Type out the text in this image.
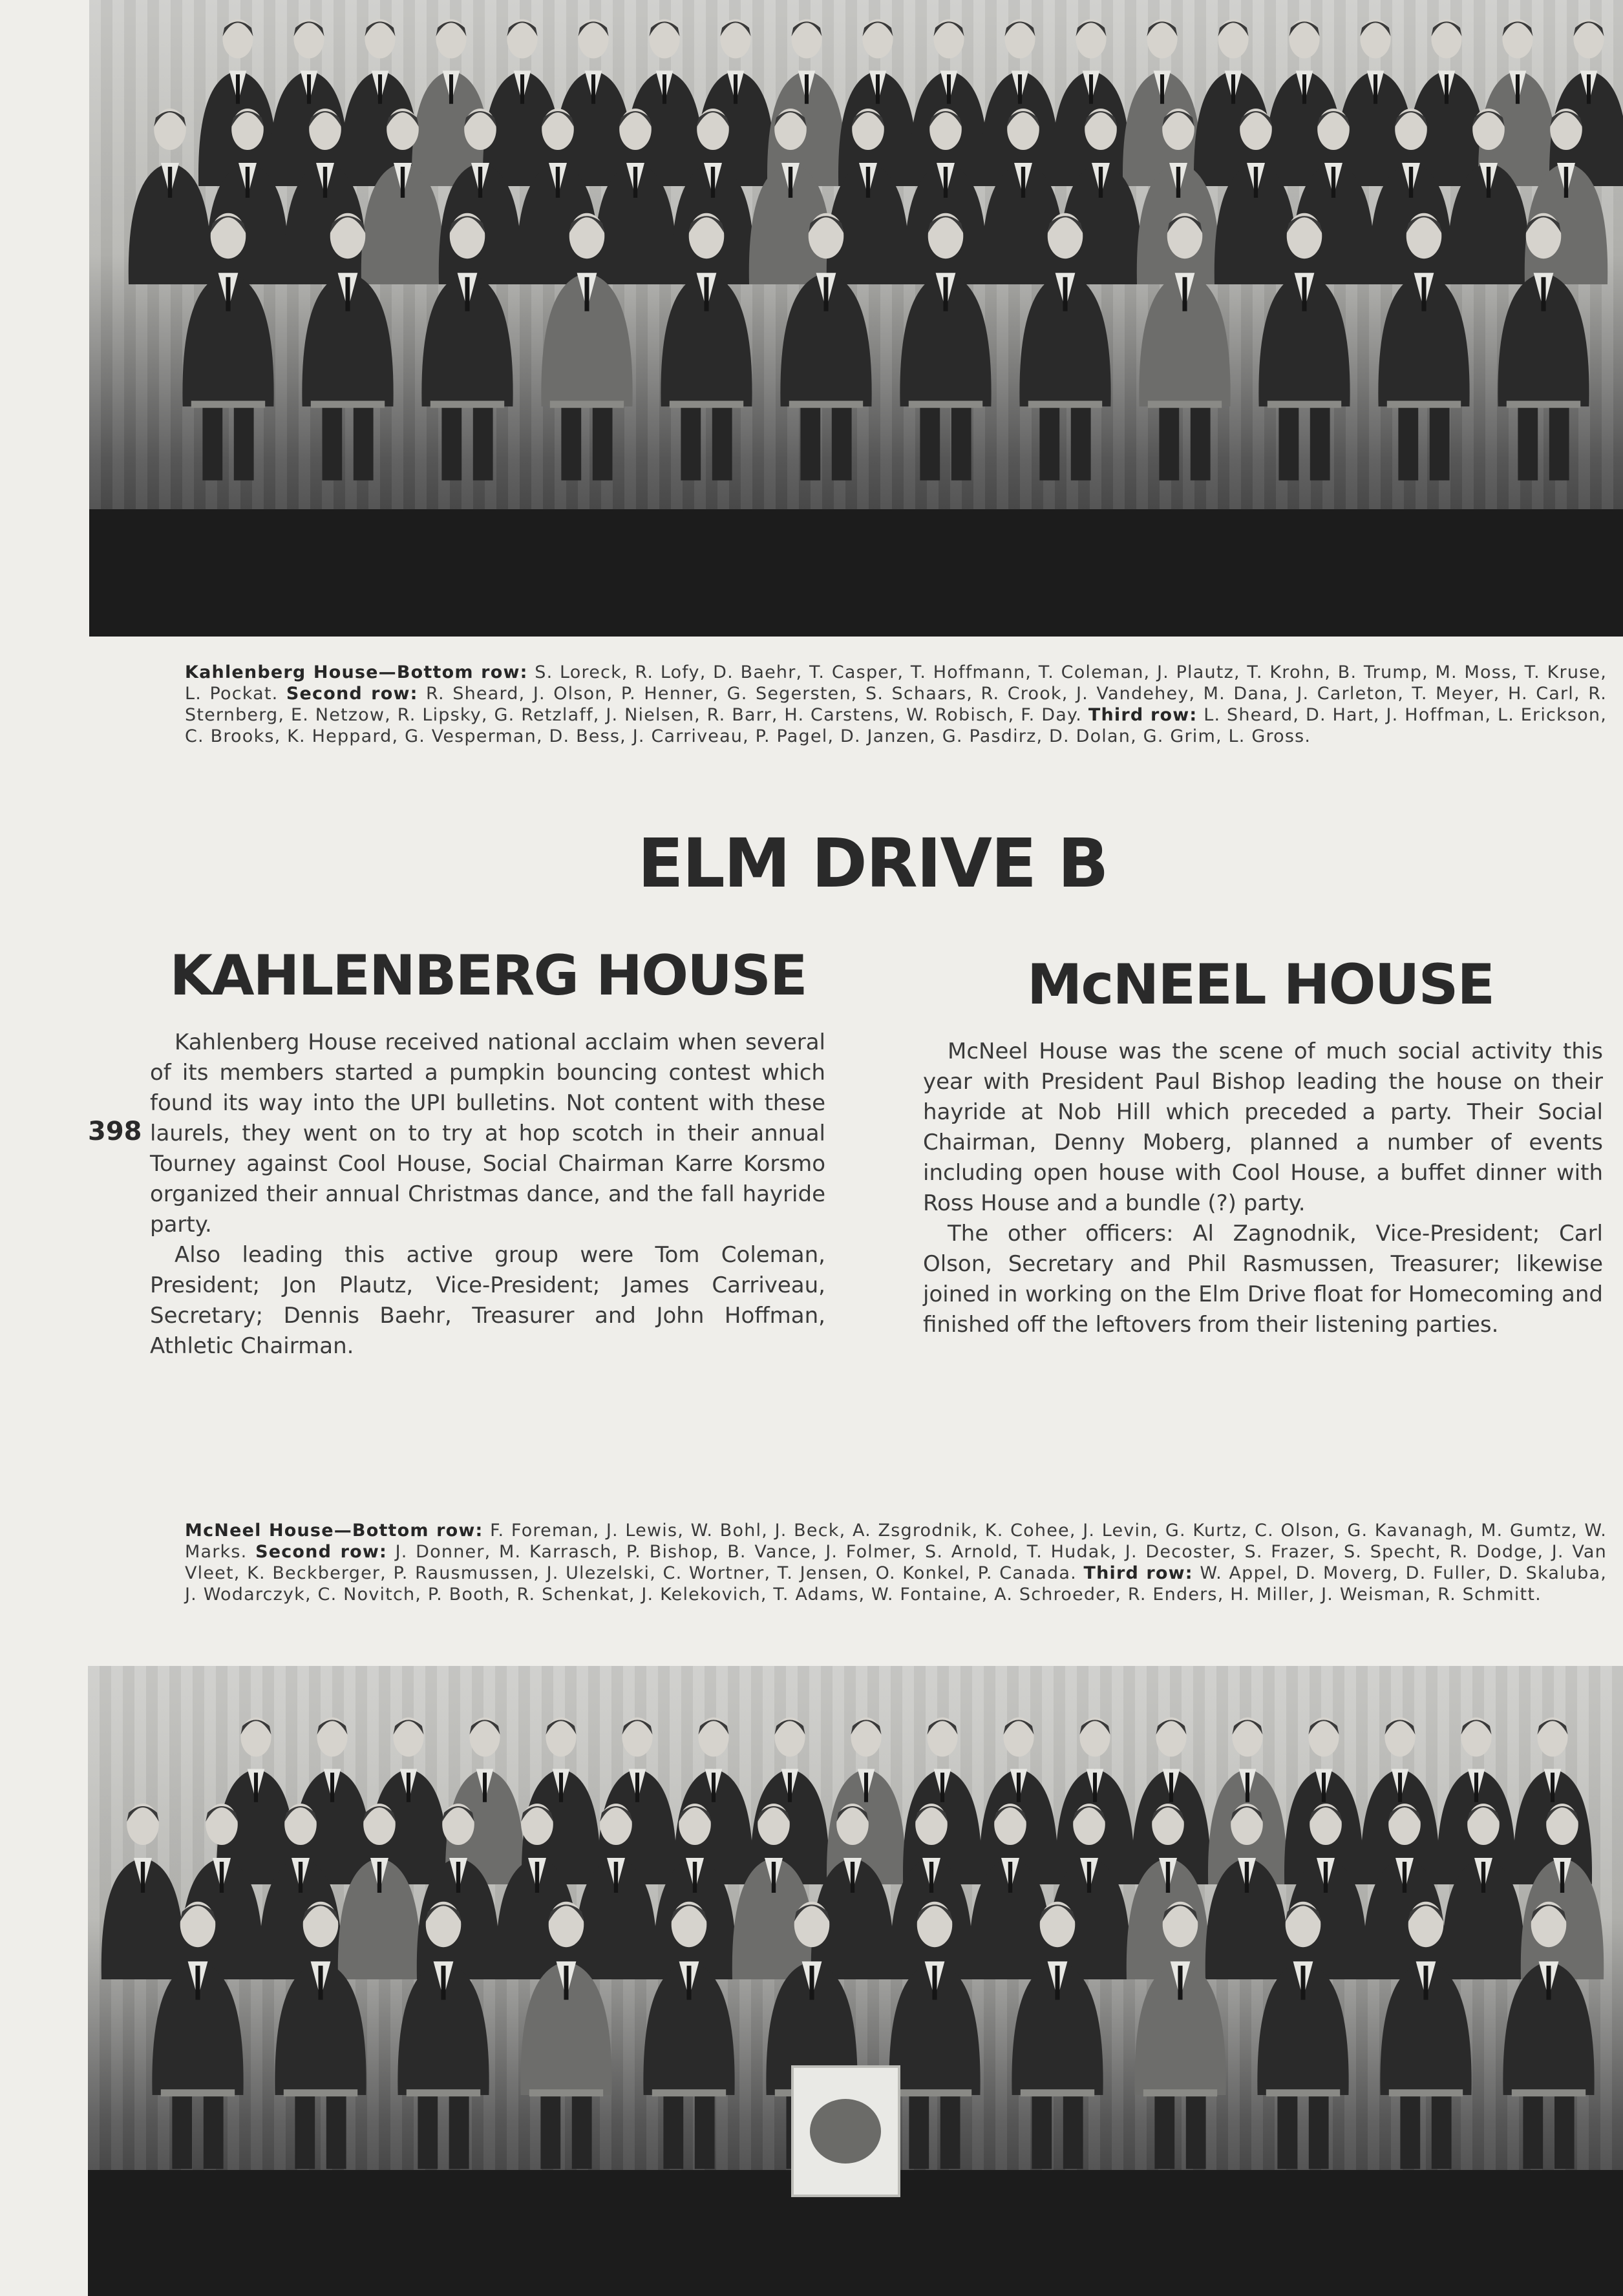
Kahlenberg House—Bottom row: S. Loreck, R. Lofy, D. Baehr, T. Casper, T. Hoffmann, T. Coleman, J. Plautz, T. Krohn, B. Trump, M. Moss, T. Kruse, L. Pockat. Second row: R. Sheard, J. Olson, P. Henner, G. Segersten, S. Schaars, R. Crook, J. Vandehey, M. Dana, J. Carleton, T. Meyer, H. Carl, R. Sternberg, E. Netzow, R. Lipsky, G. Retzlaff, J. Nielsen, R. Barr, H. Carstens, W. Robisch, F. Day. Third row: L. Sheard, D. Hart, J. Hoffman, L. Erickson, C. Brooks, K. Heppard, G. Vesperman, D. Bess, J. Carriveau, P. Pagel, D. Janzen, G. Pasdirz, D. Dolan, G. Grim, L. Gross.
ELM DRIVE B
KAHLENBERG HOUSE	McNEEL HOUSE
398

Kahlenberg House received national acclaim when several of its members started a pumpkin bouncing contest which found its way into the UPI bulletins. Not content with these laurels, they went on to try at hop scotch in their annual Tourney against Cool House, Social Chairman Karre Korsmo organized their annual Christmas dance, and the fall hayride party.

Also leading this active group were Tom Coleman, President; Jon Plautz, Vice-President; James Carriveau, Secretary; Dennis Baehr, Treasurer and John Hoffman, Athletic Chairman.

McNeel House was the scene of much social activity this year with President Paul Bishop leading the house on their hayride at Nob Hill which preceded a party. Their Social Chairman, Denny Moberg, planned a number of events including open house with Cool House, a buffet dinner with Ross House and a bundle (?) party.

The other officers: Al Zagnodnik, Vice-President; Carl Olson, Secretary and Phil Rasmussen, Treasurer; likewise joined in working on the Elm Drive float for Homecoming and finished off the leftovers from their listening parties.

McNeel House—Bottom row: F. Foreman, J. Lewis, W. Bohl, J. Beck, A. Zsgrodnik, K. Cohee, J. Levin, G. Kurtz, C. Olson, G. Kavanagh, M. Gumtz, W. Marks. Second row: J. Donner, M. Karrasch, P. Bishop, B. Vance, J. Folmer, S. Arnold, T. Hudak, J. Decoster, S. Frazer, S. Specht, R. Dodge, J. Van Vleet, K. Beckberger, P. Rausmussen, J. Ulezelski, C. Wortner, T. Jensen, O. Konkel, P. Canada. Third row: W. Appel, D. Moverg, D. Fuller, D. Skaluba, J. Wodarczyk, C. Novitch, P. Booth, R. Schenkat, J. Kelekovich, T. Adams, W. Fontaine, A. Schroeder, R. Enders, H. Miller, J. Weisman, R. Schmitt.
